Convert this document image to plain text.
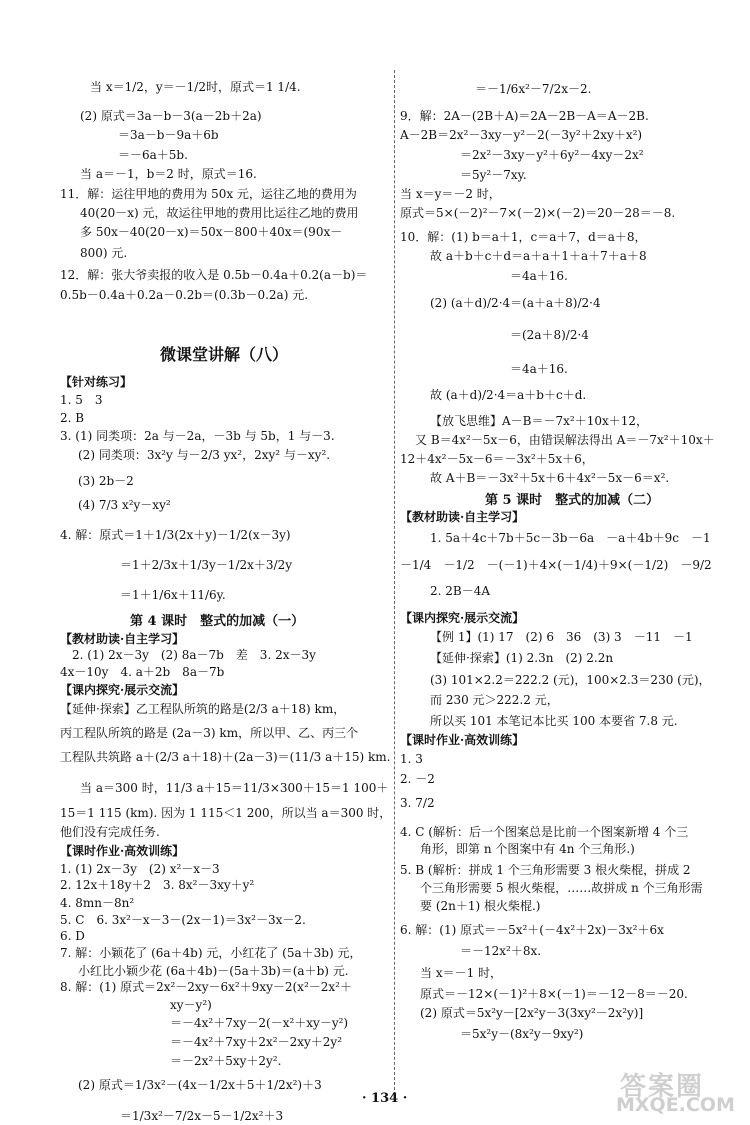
当 x＝1/2，y＝－1/2时，原式＝1 1/4.
(2) 原式＝3a－b－3(a－2b＋2a)
＝3a－b－9a＋6b
＝－6a＋5b.
当 a＝－1，b＝2 时，原式＝16.
11．解：运往甲地的费用为 50x 元，运往乙地的费用为
40(20－x) 元，故运往甲地的费用比运往乙地的费用
多 50x－40(20－x)＝50x－800＋40x＝(90x－
800) 元.
12．解：张大爷卖报的收入是 0.5b－0.4a＋0.2(a－b)＝
0.5b－0.4a＋0.2a－0.2b＝(0.3b－0.2a) 元.
微课堂讲解（八）
【针对练习】
1. 5　3
2. B
3. (1) 同类项：2a 与－2a，－3b 与 5b，1 与－3.
(2) 同类项：3x²y 与－2/3 yx²，2xy² 与－xy².
(3) 2b－2
(4) 7/3 x²y－xy²
4. 解：原式＝1＋1/3(2x＋y)－1/2(x－3y)
＝1＋2/3x＋1/3y－1/2x＋3/2y
＝1＋1/6x＋11/6y.
第 4 课时　整式的加减（一）
【教材助读·自主学习】
2. (1) 2x－3y　(2) 8a－7b　差　3. 2x－3y
4x－10y　4. a＋2b　8a－7b
【课内探究·展示交流】
【延伸·探索】乙工程队所筑的路是(2/3 a＋18) km，
丙工程队所筑的路是 (2a－3) km，所以甲、乙、丙三个
工程队共筑路 a＋(2/3 a＋18)＋(2a－3)＝(11/3 a＋15) km.
当 a＝300 时，11/3 a＋15＝11/3×300＋15＝1 100＋
15＝1 115 (km). 因为 1 115＜1 200，所以当 a＝300 时，
他们没有完成任务.
【课时作业·高效训练】
1. (1) 2x－3y　(2) x²－x－3
2. 12x＋18y＋2　3. 8x²－3xy＋y²
4. 8mn－8n²
5. C　6. 3x²－x－3－(2x－1)＝3x²－3x－2.
6. D
7. 解：小颖花了 (6a＋4b) 元，小红花了 (5a＋3b) 元，
小红比小颖少花 (6a＋4b)－(5a＋3b)＝(a＋b) 元.
8. 解：(1) 原式＝2x²－2xy－6x²＋9xy－2(x²－2x²＋
xy－y²)
＝－4x²＋7xy－2(－x²＋xy－y²)
＝－4x²＋7xy＋2x²－2xy＋2y²
＝－2x²＋5xy＋2y².
(2) 原式＝1/3x²－(4x－1/2x＋5＋1/2x²)＋3
＝1/3x²－7/2x－5－1/2x²＋3
＝－1/6x²－7/2x－2.
9．解：2A－(2B＋A)＝2A－2B－A＝A－2B.
A－2B＝2x²－3xy－y²－2(－3y²＋2xy＋x²)
＝2x²－3xy－y²＋6y²－4xy－2x²
＝5y²－7xy.
当 x＝y＝－2 时，
原式＝5×(－2)²－7×(－2)×(－2)＝20－28＝－8.
10．解：(1) b＝a＋1，c＝a＋7，d＝a＋8，
故 a＋b＋c＋d＝a＋a＋1＋a＋7＋a＋8
＝4a＋16.
(2) (a＋d)/2·4＝(a＋a＋8)/2·4
＝(2a＋8)/2·4
＝4a＋16.
故 (a＋d)/2·4＝a＋b＋c＋d.
【放飞思维】A－B＝－7x²＋10x＋12，
又 B＝4x²－5x－6，由错误解法得出 A＝－7x²＋10x＋
12＋4x²－5x－6＝－3x²＋5x＋6，
故 A＋B＝－3x²＋5x＋6＋4x²－5x－6＝x².
第 5 课时　整式的加减（二）
【教材助读·自主学习】
1. 5a＋4c＋7b＋5c－3b－6a　－a＋4b＋9c　－1
－1/4　－1/2　－(－1)＋4×(－1/4)＋9×(－1/2)　－9/2
2. 2B－4A
【课内探究·展示交流】
【例 1】(1) 17　(2) 6　36　(3) 3　－11　－1
【延伸·探索】(1) 2.3n　(2) 2.2n
(3) 101×2.2＝222.2 (元)，100×2.3＝230 (元)，
而 230 元＞222.2 元，
所以买 101 本笔记本比买 100 本要省 7.8 元.
【课时作业·高效训练】
1. 3
2. －2
3. 7/2
4. C (解析：后一个图案总是比前一个图案新增 4 个三
角形，即第 n 个图案中有 4n 个三角形.)
5. B (解析：拼成 1 个三角形需要 3 根火柴棍，拼成 2
个三角形需要 5 根火柴棍，……故拼成 n 个三角形需
要 (2n＋1) 根火柴棍.)
6. 解：(1) 原式＝－5x²＋(－4x²＋2x)－3x²＋6x
＝－12x²＋8x.
当 x＝－1 时，
原式＝－12×(－1)²＋8×(－1)＝－12－8＝－20.
(2) 原式＝5x²y－[2x²y－3(3xy²－2x²y)]
＝5x²y－(8x²y－9xy²)
· 134 ·	答案圈
MXQE.COM
